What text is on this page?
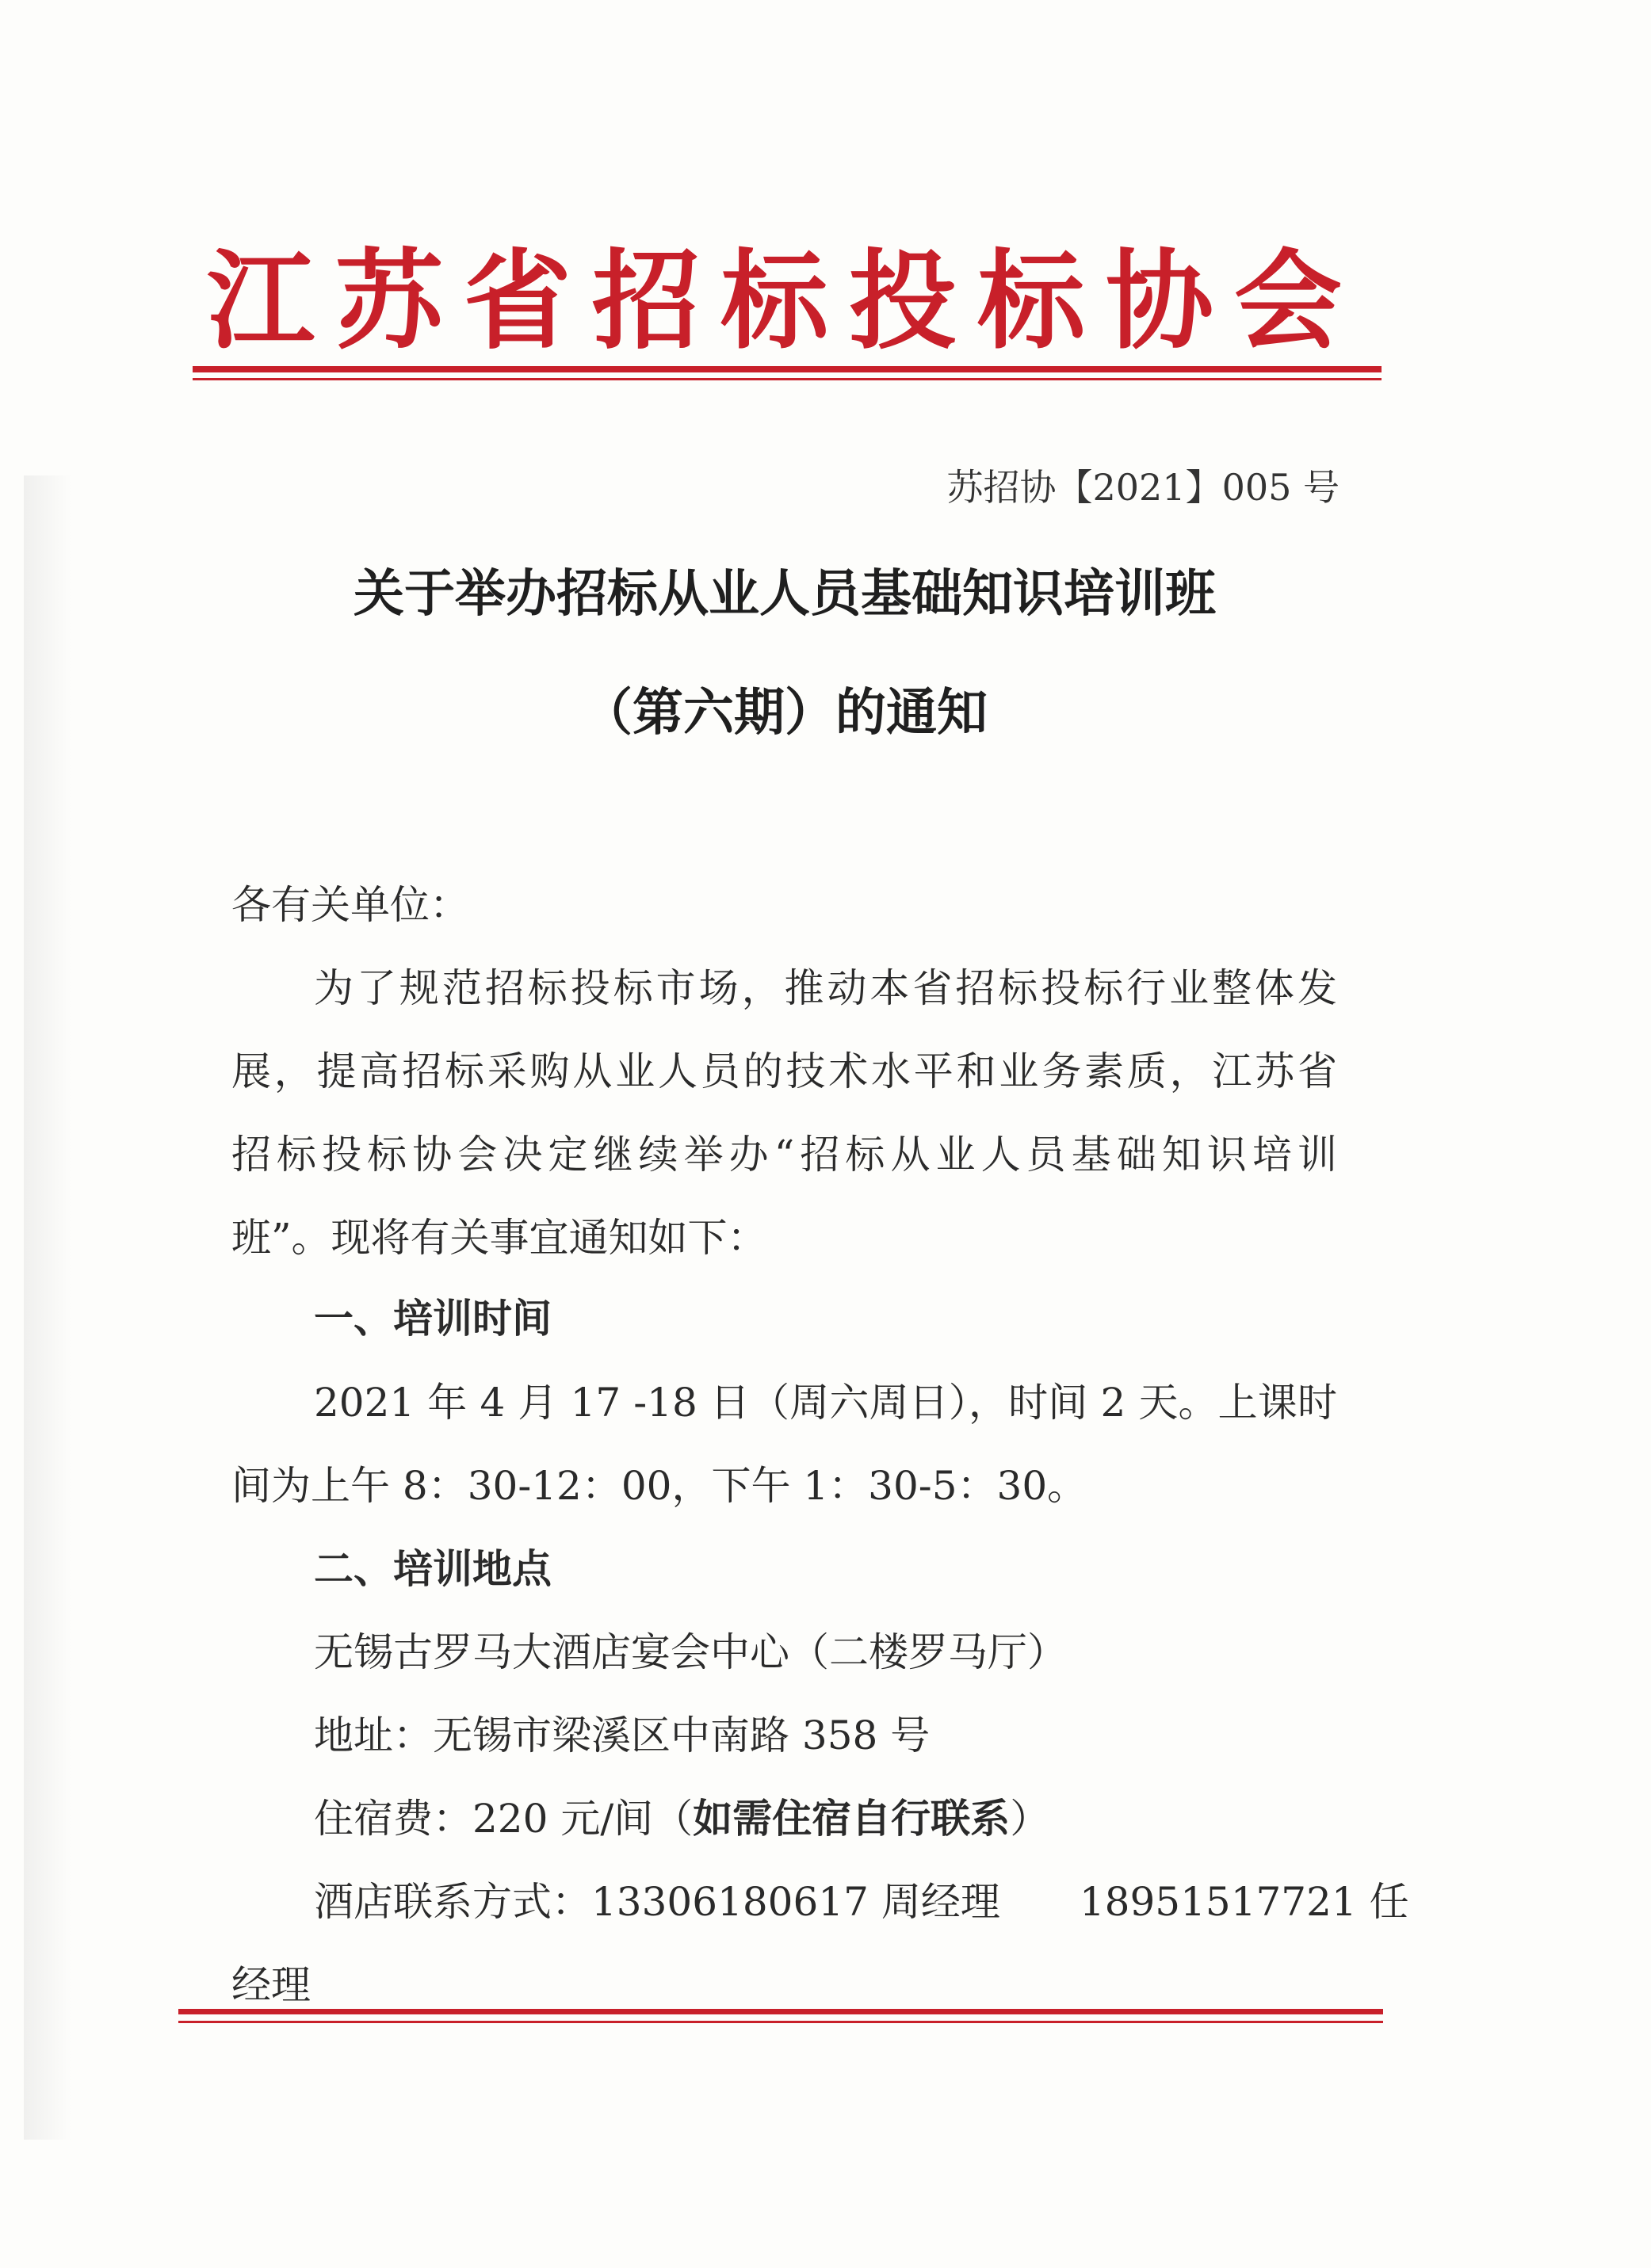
江苏省招标投标协会
苏招协【2021】005 号
关于举办招标从业人员基础知识培训班
（第六期）的通知
各有关单位：
为了规范招标投标市场，推动本省招标投标行业整体发
展，提高招标采购从业人员的技术水平和业务素质，江苏省
招标投标协会决定继续举办“招标从业人员基础知识培训
班”。现将有关事宜通知如下：
一、培训时间
2021 年 4 月 17 -18 日（周六周日），时间 2 天。上课时
间为上午 8：30-12：00，下午 1：30-5：30。
二、培训地点
无锡古罗马大酒店宴会中心（二楼罗马厅）
地址：无锡市梁溪区中南路 358 号
住宿费：220 元/间（如需住宿自行联系）
酒店联系方式：13306180617 周经理　　18951517721 任
经理
